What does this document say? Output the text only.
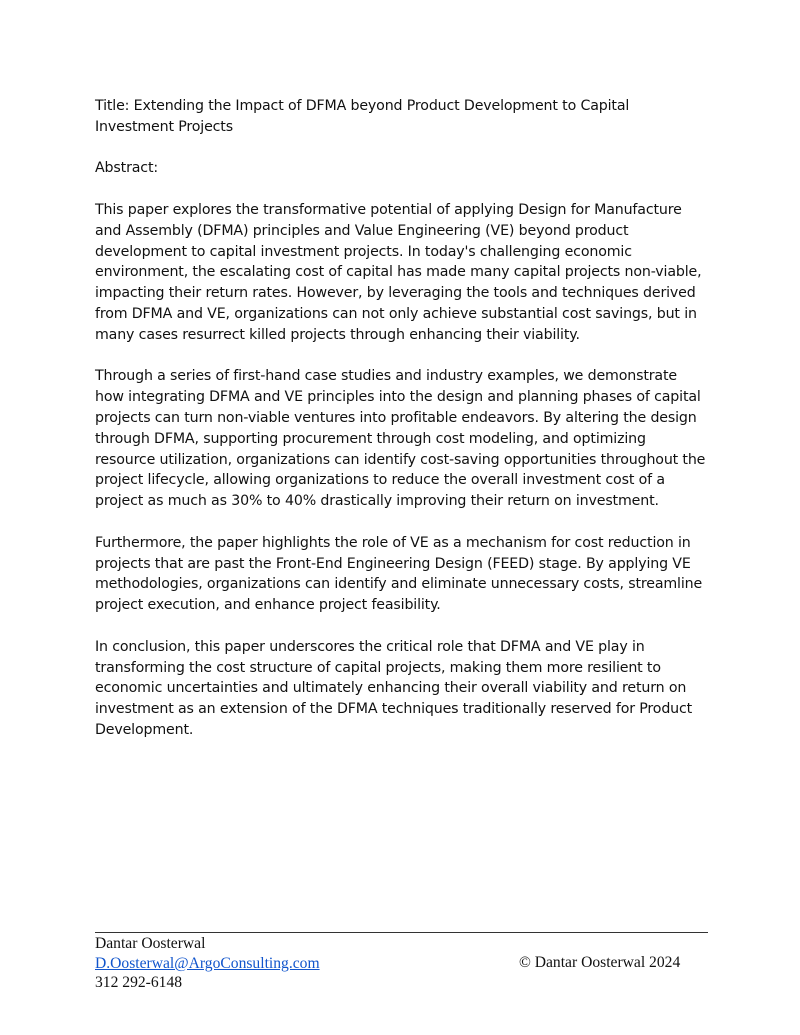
Title: Extending the Impact of DFMA beyond Product Development to Capital Investment Projects

Abstract:

This paper explores the transformative potential of applying Design for Manufacture and Assembly (DFMA) principles and Value Engineering (VE) beyond product development to capital investment projects. In today's challenging economic environment, the escalating cost of capital has made many capital projects non-viable, impacting their return rates. However, by leveraging the tools and techniques derived from DFMA and VE, organizations can not only achieve substantial cost savings, but in many cases resurrect killed projects through enhancing their viability.

Through a series of first-hand case studies and industry examples, we demonstrate how integrating DFMA and VE principles into the design and planning phases of capital projects can turn non-viable ventures into profitable endeavors. By altering the design through DFMA, supporting procurement through cost modeling, and optimizing resource utilization, organizations can identify cost-saving opportunities throughout the project lifecycle, allowing organizations to reduce the overall investment cost of a project as much as 30% to 40% drastically improving their return on investment.

Furthermore, the paper highlights the role of VE as a mechanism for cost reduction in projects that are past the Front-End Engineering Design (FEED) stage. By applying VE methodologies, organizations can identify and eliminate unnecessary costs, streamline project execution, and enhance project feasibility.

In conclusion, this paper underscores the critical role that DFMA and VE play in transforming the cost structure of capital projects, making them more resilient to economic uncertainties and ultimately enhancing their overall viability and return on investment as an extension of the DFMA techniques traditionally reserved for Product Development.

Dantar Oosterwal
D.Oosterwal@ArgoConsulting.com
312 292-6148
© Dantar Oosterwal 2024
